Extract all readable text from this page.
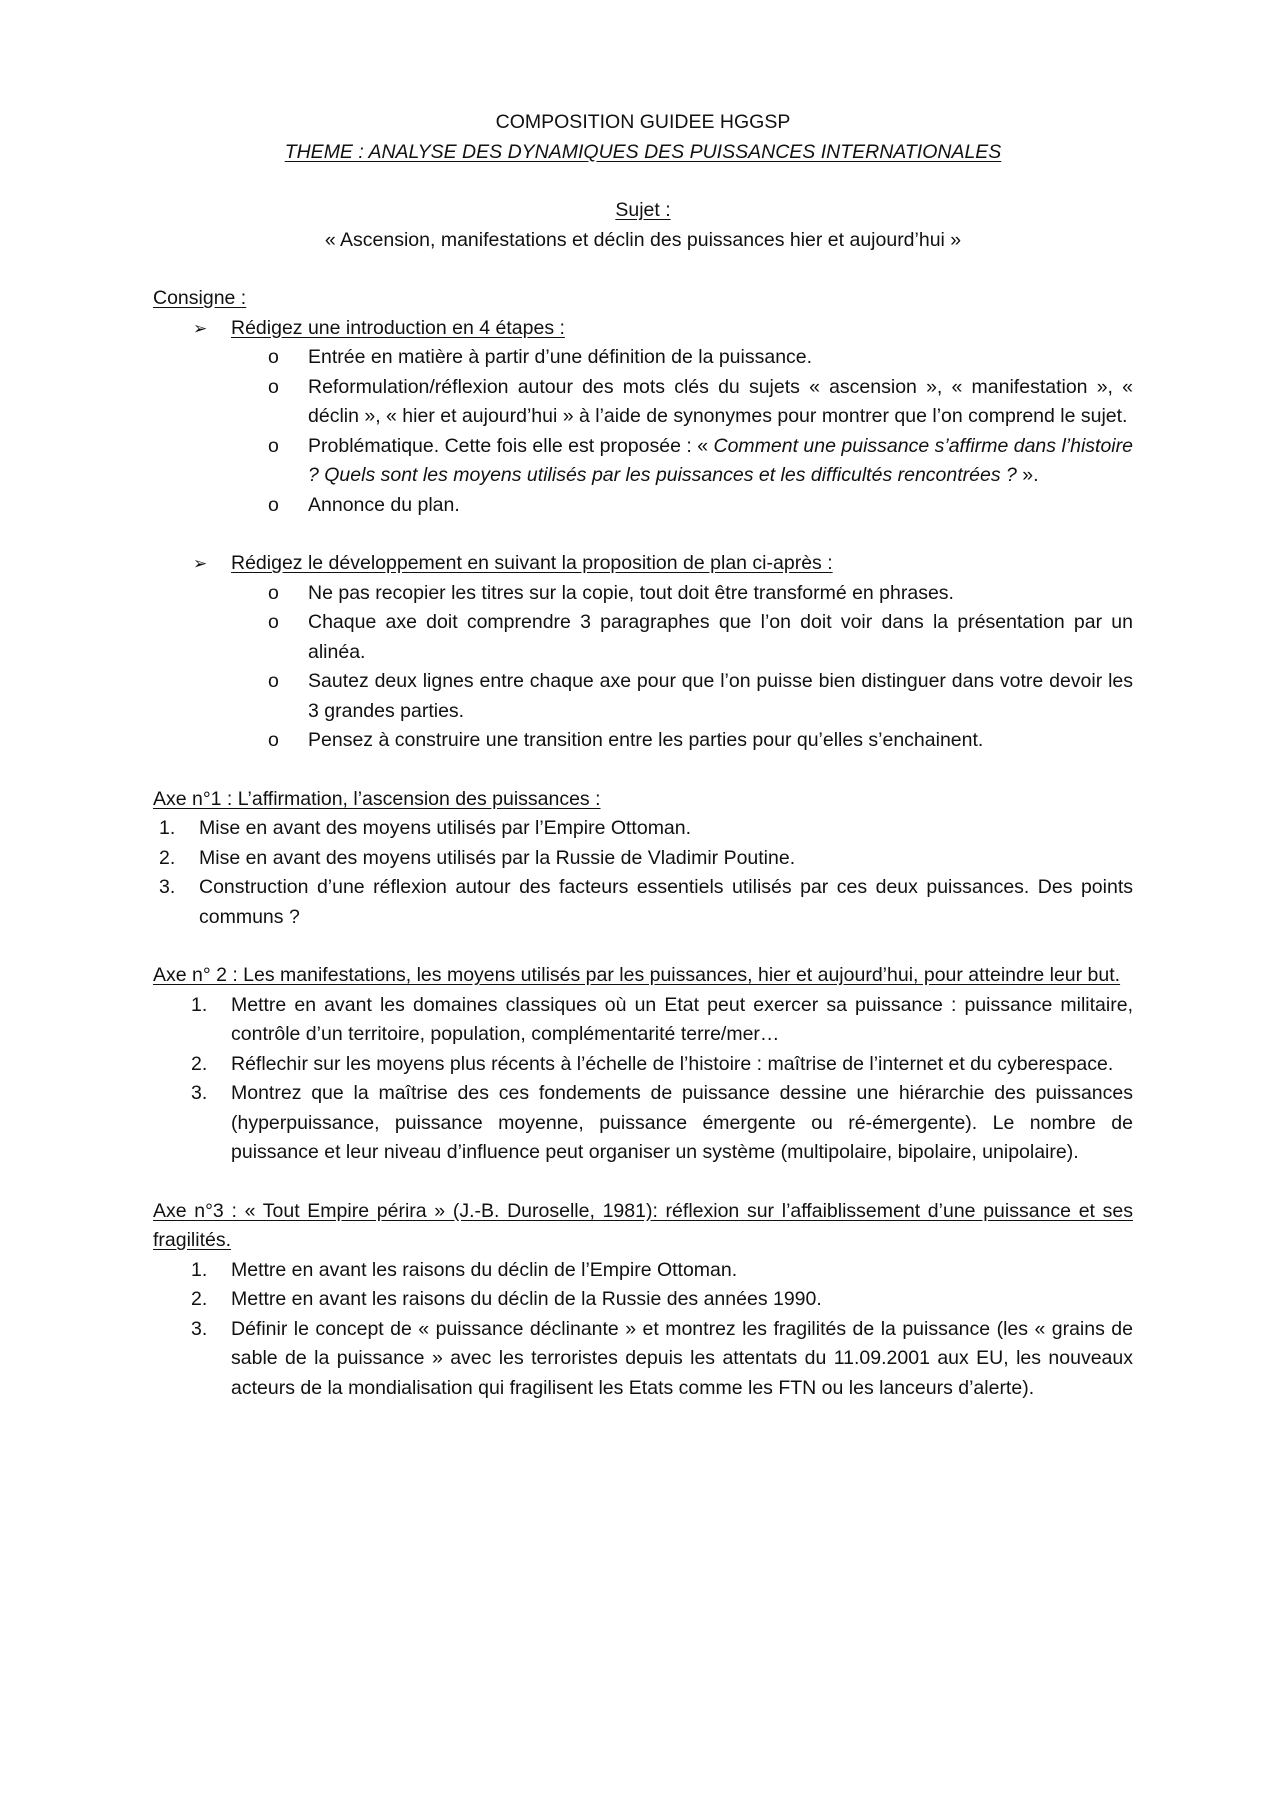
COMPOSITION GUIDEE HGGSP
THEME : ANALYSE DES DYNAMIQUES DES PUISSANCES INTERNATIONALES
Sujet :
« Ascension, manifestations et déclin des puissances hier et aujourd’hui »
Consigne :
➢ Rédigez une introduction en 4 étapes :
o Entrée en matière à partir d’une définition de la puissance.
o Reformulation/réflexion autour des mots clés du sujets « ascension », « manifestation », « déclin », « hier et aujourd’hui » à l’aide de synonymes pour montrer que l’on comprend le sujet.
o Problématique. Cette fois elle est proposée : « Comment une puissance s’affirme dans l’histoire ? Quels sont les moyens utilisés par les puissances et les difficultés rencontrées ? ».
o Annonce du plan.
➢ Rédigez le développement en suivant la proposition de plan ci-après :
o Ne pas recopier les titres sur la copie, tout doit être transformé en phrases.
o Chaque axe doit comprendre 3 paragraphes que l’on doit voir dans la présentation par un alinéa.
o Sautez deux lignes entre chaque axe pour que l’on puisse bien distinguer dans votre devoir les 3 grandes parties.
o Pensez à construire une transition entre les parties pour qu’elles s’enchainent.
Axe n°1 : L’affirmation, l’ascension des puissances :
1. Mise en avant des moyens utilisés par l’Empire Ottoman.
2. Mise en avant des moyens utilisés par la Russie de Vladimir Poutine.
3. Construction d’une réflexion autour des facteurs essentiels utilisés par ces deux puissances. Des points communs ?
Axe n° 2 : Les manifestations, les moyens utilisés par les puissances, hier et aujourd’hui, pour atteindre leur but.
1. Mettre en avant les domaines classiques où un Etat peut exercer sa puissance : puissance militaire, contrôle d’un territoire, population, complémentarité terre/mer…
2. Réflechir sur les moyens plus récents à l’échelle de l’histoire : maîtrise de l’internet et du cyberespace.
3. Montrez que la maîtrise des ces fondements de puissance dessine une hiérarchie des puissances (hyperpuissance, puissance moyenne, puissance émergente ou ré-émergente). Le nombre de puissance et leur niveau d’influence peut organiser un système (multipolaire, bipolaire, unipolaire).
Axe n°3 : « Tout Empire périra » (J.-B. Duroselle, 1981): réflexion sur l’affaiblissement d’une puissance et ses fragilités.
1. Mettre en avant les raisons du déclin de l’Empire Ottoman.
2. Mettre en avant les raisons du déclin de la Russie des années 1990.
3. Définir le concept de « puissance déclinante » et montrez les fragilités de la puissance (les « grains de sable de la puissance » avec les terroristes depuis les attentats du 11.09.2001 aux EU, les nouveaux acteurs de la mondialisation qui fragilisent les Etats comme les FTN ou les lanceurs d’alerte).
